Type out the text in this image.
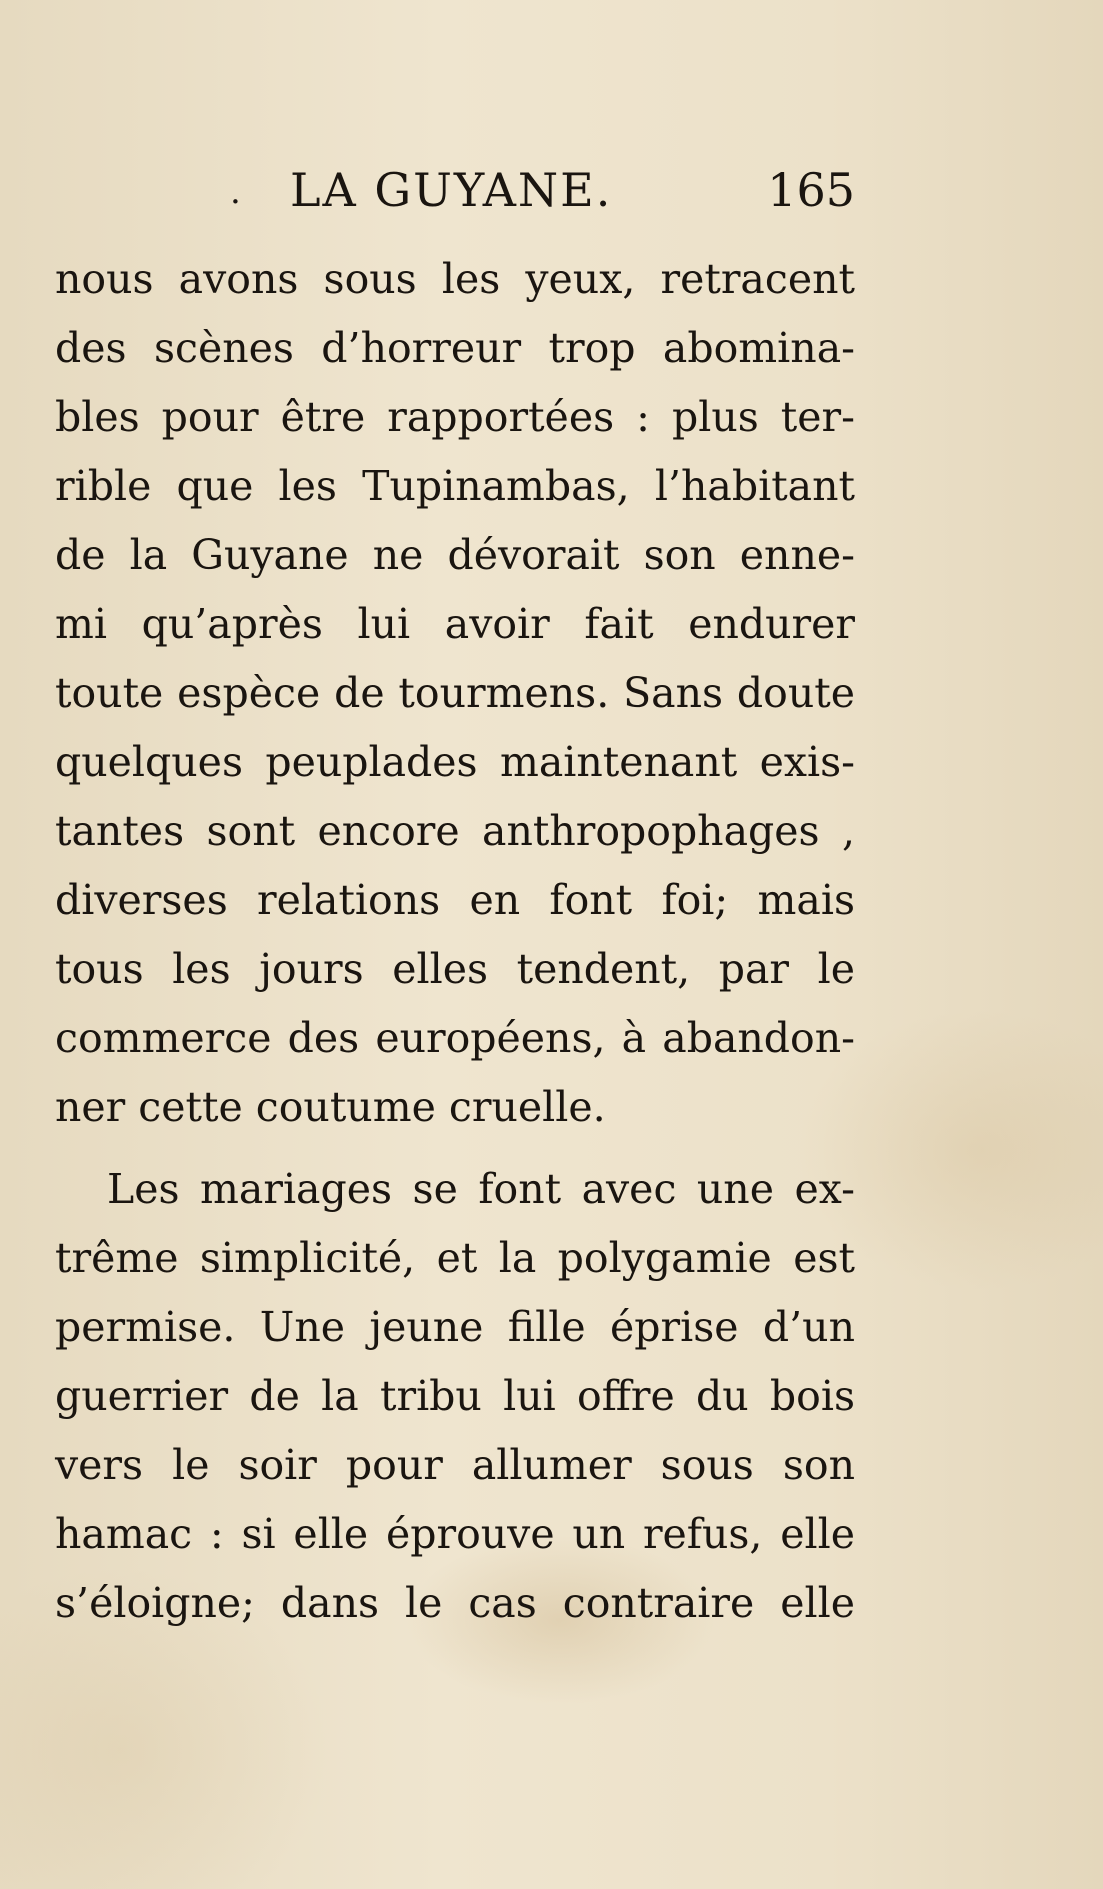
. LA GUYANE.	165
nous avons sous les yeux, retracent
des scènes d’horreur trop abomina-
bles pour être rapportées : plus ter-
rible que les Tupinambas, l’habitant
de la Guyane ne dévorait son enne-
mi qu’après lui avoir fait endurer
toute espèce de tourmens. Sans doute
quelques peuplades maintenant exis-
tantes sont encore anthropophages ,
diverses relations en font foi; mais
tous les jours elles tendent, par le
commerce des européens, à abandon-
ner cette coutume cruelle.
Les mariages se font avec une ex-
trême simplicité, et la polygamie est
permise. Une jeune fille éprise d’un
guerrier de la tribu lui offre du bois
vers le soir pour allumer sous son
hamac : si elle éprouve un refus, elle
s’éloigne; dans le cas contraire elle
